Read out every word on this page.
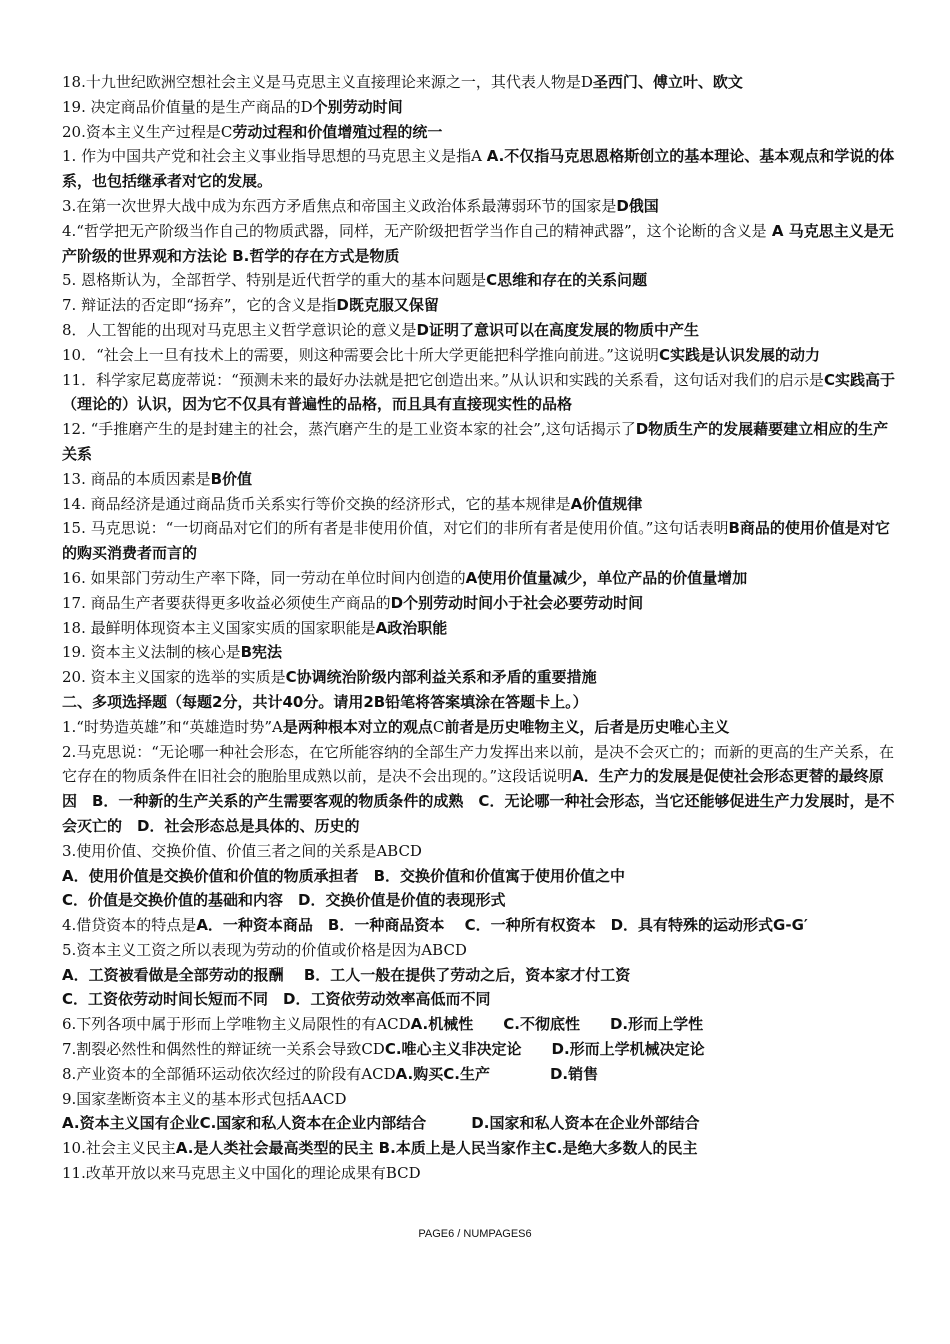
18.十九世纪欧洲空想社会主义是马克思主义直接理论来源之一，其代表人物是D圣西门、傅立叶、欧文
19. 决定商品价值量的是生产商品的D个别劳动时间
20.资本主义生产过程是C劳动过程和价值增殖过程的统一
1. 作为中国共产党和社会主义事业指导思想的马克思主义是指A A.不仅指马克思恩格斯创立的基本理论、基本观点和学说的体系，也包括继承者对它的发展。
3.在第一次世界大战中成为东西方矛盾焦点和帝国主义政治体系最薄弱环节的国家是D俄国
4.“哲学把无产阶级当作自己的物质武器，同样，无产阶级把哲学当作自己的精神武器”，这个论断的含义是 A 马克思主义是无产阶级的世界观和方法论 B.哲学的存在方式是物质
5. 恩格斯认为，全部哲学、特别是近代哲学的重大的基本问题是C思维和存在的关系问题
7. 辩证法的否定即“扬弃”，它的含义是指D既克服又保留
8．人工智能的出现对马克思主义哲学意识论的意义是D证明了意识可以在高度发展的物质中产生
10．“社会上一旦有技术上的需要，则这种需要会比十所大学更能把科学推向前进。”这说明C实践是认识发展的动力
11．科学家尼葛庞蒂说：“预测未来的最好办法就是把它创造出来。”从认识和实践的关系看，这句话对我们的启示是C实践高于（理论的）认识，因为它不仅具有普遍性的品格，而且具有直接现实性的品格
12. “手推磨产生的是封建主的社会，蒸汽磨产生的是工业资本家的社会”,这句话揭示了D物质生产的发展藉要建立相应的生产关系
13. 商品的本质因素是B价值
14. 商品经济是通过商品货币关系实行等价交换的经济形式，它的基本规律是A价值规律
15. 马克思说：“一切商品对它们的所有者是非使用价值，对它们的非所有者是使用价值。”这句话表明B商品的使用价值是对它的购买消费者而言的
16. 如果部门劳动生产率下降，同一劳动在单位时间内创造的A使用价值量减少，单位产品的价值量增加
17. 商品生产者要获得更多收益必须使生产商品的D个别劳动时间小于社会必要劳动时间
18. 最鲜明体现资本主义国家实质的国家职能是A政治职能
19. 资本主义法制的核心是B宪法
20. 资本主义国家的选举的实质是C协调统治阶级内部利益关系和矛盾的重要措施
二、多项选择题（每题2分，共计40分。请用2B铅笔将答案填涂在答题卡上。）
1.“时势造英雄”和“英雄造时势”A是两种根本对立的观点C前者是历史唯物主义，后者是历史唯心主义
2.马克思说：“无论哪一种社会形态，在它所能容纳的全部生产力发挥出来以前，是决不会灭亡的；而新的更高的生产关系，在它存在的物质条件在旧社会的胞胎里成熟以前，是决不会出现的。”这段话说明A．生产力的发展是促使社会形态更替的最终原因　B．一种新的生产关系的产生需要客观的物质条件的成熟　C．无论哪一种社会形态，当它还能够促进生产力发展时，是不会灭亡的　D．社会形态总是具体的、历史的
3.使用价值、交换价值、价值三者之间的关系是ABCD
A．使用价值是交换价值和价值的物质承担者　B．交换价值和价值寓于使用价值之中
C．价值是交换价值的基础和内容　D．交换价值是价值的表现形式
4.借贷资本的特点是A．一种资本商品　B．一种商品资本　 C．一种所有权资本　D．具有特殊的运动形式G-G′
5.资本主义工资之所以表现为劳动的价值或价格是因为ABCD
A．工资被看做是全部劳动的报酬　 B．工人一般在提供了劳动之后，资本家才付工资
C．工资依劳动时间长短而不同　D．工资依劳动效率高低而不同
6.下列各项中属于形而上学唯物主义局限性的有ACDA.机械性　　C.不彻底性　　D.形而上学性
7.割裂必然性和偶然性的辩证统一关系会导致CDC.唯心主义非决定论　　D.形而上学机械决定论
8.产业资本的全部循环运动依次经过的阶段有ACDA.购买C.生产　　　　D.销售
9.国家垄断资本主义的基本形式包括AACD
A.资本主义国有企业C.国家和私人资本在企业内部结合　　　D.国家和私人资本在企业外部结合
10.社会主义民主A.是人类社会最高类型的民主 B.本质上是人民当家作主C.是绝大多数人的民主
11.改革开放以来马克思主义中国化的理论成果有BCD
PAGE6 / NUMPAGES6
